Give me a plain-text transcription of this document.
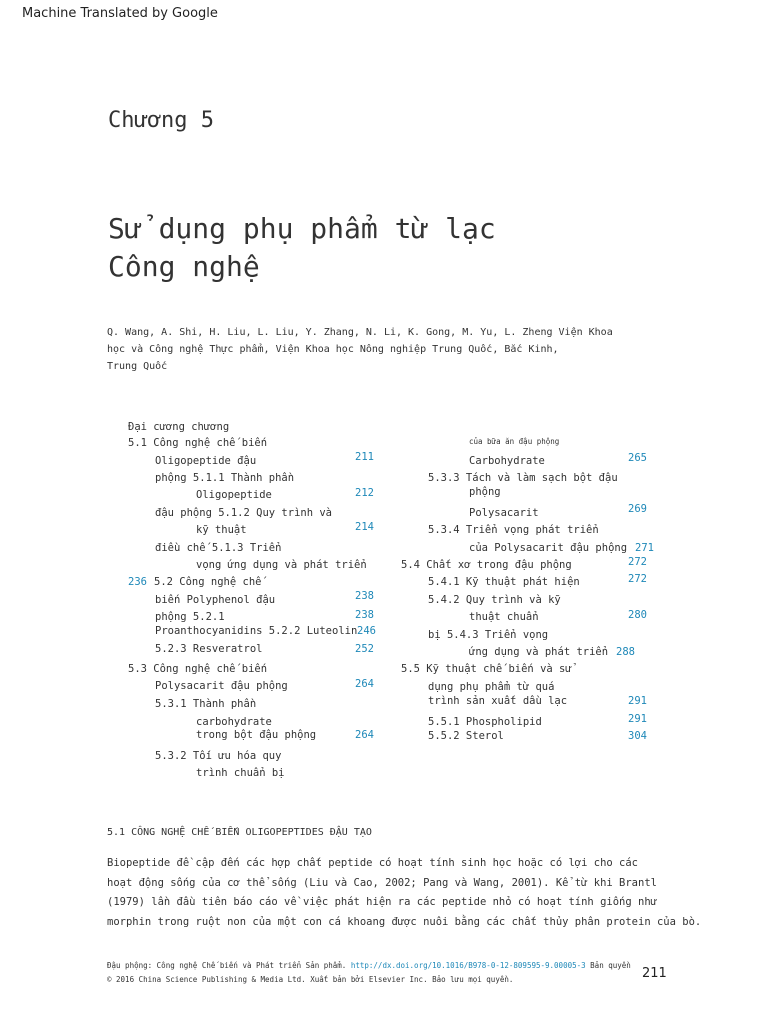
Machine Translated by Google
Chương 5
Sử dụng phụ phẩm từ lạc
Công nghệ
Q. Wang, A. Shi, H. Liu, L. Liu, Y. Zhang, N. Li, K. Gong, M. Yu, L. Zheng Viện Khoa
học và Công nghệ Thực phẩm, Viện Khoa học Nông nghiệp Trung Quốc, Bắc Kinh,
Trung Quốc
Đại cương chương
5.1 Công nghệ chế biến
Oligopeptide đậu
phộng 5.1.1 Thành phần
Oligopeptide
đậu phộng 5.1.2 Quy trình và
kỹ thuật
điều chế 5.1.3 Triển
vọng ứng dụng và phát triển
5.2 Công nghệ chế
biến Polyphenol đậu
phộng 5.2.1
Proanthocyanidins 5.2.2 Luteolin
5.2.3 Resveratrol
5.3 Công nghệ chế biến
Polysacarit đậu phộng
5.3.1 Thành phần
carbohydrate
trong bột đậu phộng
5.3.2 Tối ưu hóa quy
trình chuẩn bị
211
212
214
236
238
238
246
252
264
264
của bữa ăn đậu phộng
Carbohydrate
5.3.3 Tách và làm sạch bột đậu
phộng
Polysacarit
5.3.4 Triển vọng phát triển
của Polysacarit đậu phộng
5.4 Chất xơ trong đậu phộng
5.4.1 Kỹ thuật phát hiện
5.4.2 Quy trình và kỹ
thuật chuẩn
bị 5.4.3 Triển vọng
ứng dụng và phát triển
5.5 Kỹ thuật chế biến và sử
dụng phụ phẩm từ quá
trình sản xuất dầu lạc
5.5.1 Phospholipid
5.5.2 Sterol
265
269
271
272
272
280
288
291
291
304
5.1 CÔNG NGHỆ CHẾ BIẾN OLIGOPEPTIDES ĐẬU TẠO
Biopeptide đề cập đến các hợp chất peptide có hoạt tính sinh học hoặc có lợi cho các
hoạt động sống của cơ thể sống (Liu và Cao, 2002; Pang và Wang, 2001). Kể từ khi Brantl
(1979) lần đầu tiên báo cáo về việc phát hiện ra các peptide nhỏ có hoạt tính giống như
morphin trong ruột non của một con cá khoang được nuôi bằng các chất thủy phân protein của bò.
Đậu phộng: Công nghệ Chế biến và Phát triển Sản phẩm. http://dx.doi.org/10.1016/B978-0-12-809595-9.00005-3 Bản quyền
© 2016 China Science Publishing & Media Ltd. Xuất bản bởi Elsevier Inc. Bảo lưu mọi quyền.	211
